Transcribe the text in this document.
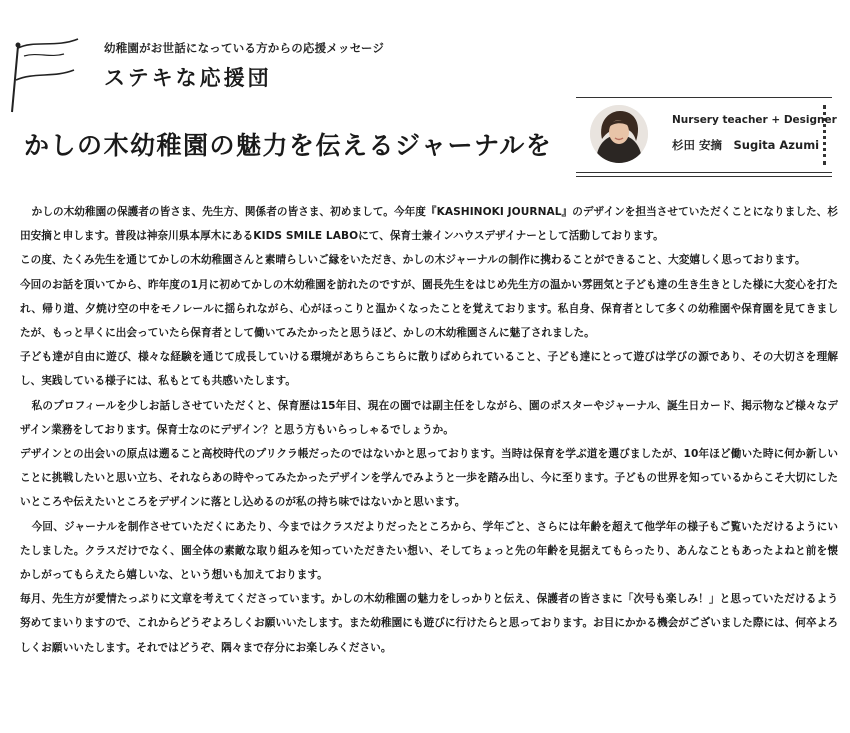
幼稚園がお世話になっている方からの応援メッセージ
ステキな応援団
かしの木幼稚園の魅力を伝えるジャーナルを
Nursery teacher + Designer
杉田 安摘　Sugita Azumi

かしの木幼稚園の保護者の皆さま、先生方、関係者の皆さま、初めまして。今年度『KASHINOKI JOURNAL』のデザインを担当させていただくことになりました、杉田安摘と申します。普段は神奈川県本厚木にあるKIDS SMILE LABOにて、保育士兼インハウスデザイナーとして活動しております。

この度、たくみ先生を通じてかしの木幼稚園さんと素晴らしいご縁をいただき、かしの木ジャーナルの制作に携わることができること、大変嬉しく思っております。

今回のお話を頂いてから、昨年度の1月に初めてかしの木幼稚園を訪れたのですが、園長先生をはじめ先生方の温かい雰囲気と子ども達の生き生きとした様に大変心を打たれ、帰り道、夕焼け空の中をモノレールに揺られながら、心がほっこりと温かくなったことを覚えております。私自身、保育者として多くの幼稚園や保育園を見てきましたが、もっと早くに出会っていたら保育者として働いてみたかったと思うほど、かしの木幼稚園さんに魅了されました。

子ども達が自由に遊び、様々な経験を通じて成長していける環境があちらこちらに散りばめられていること、子ども達にとって遊びは学びの源であり、その大切さを理解し、実践している様子には、私もとても共感いたします。

私のプロフィールを少しお話しさせていただくと、保育歴は15年目、現在の園では副主任をしながら、園のポスターやジャーナル、誕生日カード、掲示物など様々なデザイン業務をしております。保育士なのにデザイン？と思う方もいらっしゃるでしょうか。

デザインとの出会いの原点は遡ること高校時代のプリクラ帳だったのではないかと思っております。当時は保育を学ぶ道を選びましたが、10年ほど働いた時に何か新しいことに挑戦したいと思い立ち、それならあの時やってみたかったデザインを学んでみようと一歩を踏み出し、今に至ります。子どもの世界を知っているからこそ大切にしたいところや伝えたいところをデザインに落とし込めるのが私の持ち味ではないかと思います。

今回、ジャーナルを制作させていただくにあたり、今まではクラスだよりだったところから、学年ごと、さらには年齢を超えて他学年の様子もご覧いただけるようにいたしました。クラスだけでなく、園全体の素敵な取り組みを知っていただきたい想い、そしてちょっと先の年齢を見据えてもらったり、あんなこともあったよねと前を懐かしがってもらえたら嬉しいな、という想いも加えております。

毎月、先生方が愛情たっぷりに文章を考えてくださっています。かしの木幼稚園の魅力をしっかりと伝え、保護者の皆さまに「次号も楽しみ！」と思っていただけるよう努めてまいりますので、これからどうぞよろしくお願いいたします。また幼稚園にも遊びに行けたらと思っております。お目にかかる機会がございました際には、何卒よろしくお願いいたします。それではどうぞ、隅々まで存分にお楽しみください。
